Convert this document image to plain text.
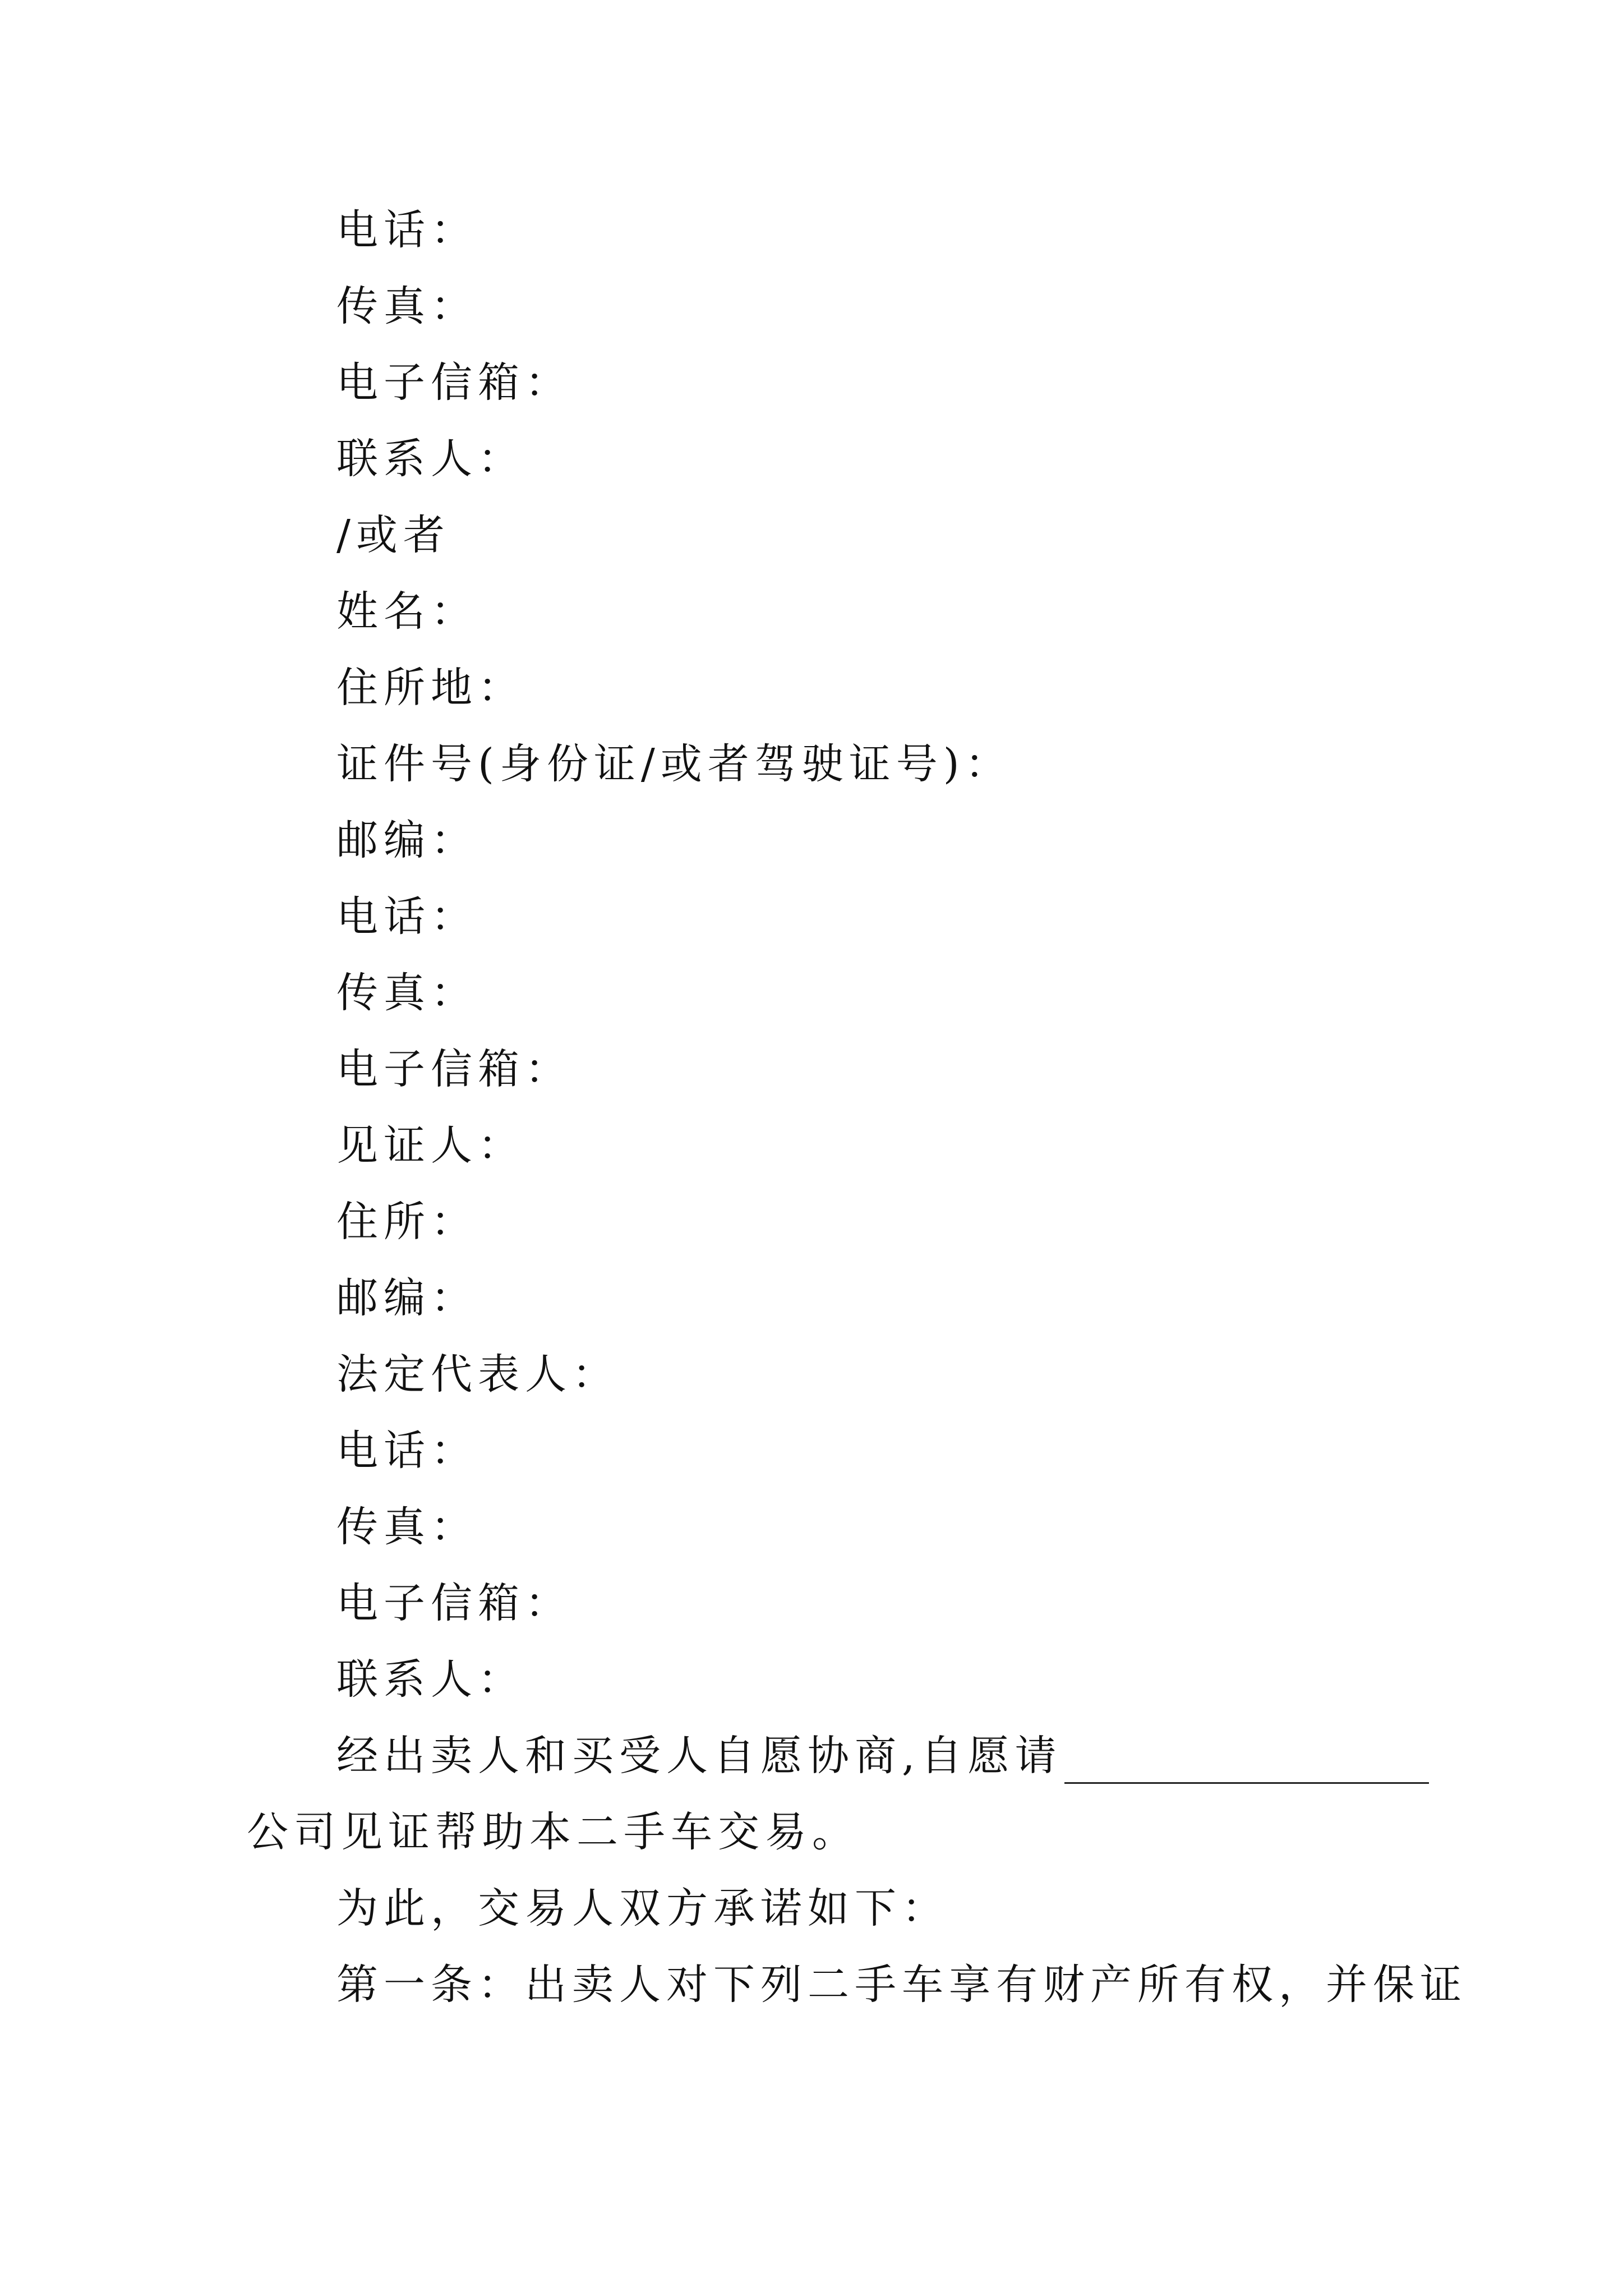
电话：
传真：
电子信箱：
联系人：
/或者
姓名：
住所地：
证件号(身份证/或者驾驶证号)：
邮编：
电话：
传真：
电子信箱：
见证人：
住所：
邮编：
法定代表人：
电话：
传真：
电子信箱：
联系人：
经出卖人和买受人自愿协商,自愿请
公司见证帮助本二手车交易。
为此，交易人双方承诺如下：
第一条：出卖人对下列二手车享有财产所有权，并保证
